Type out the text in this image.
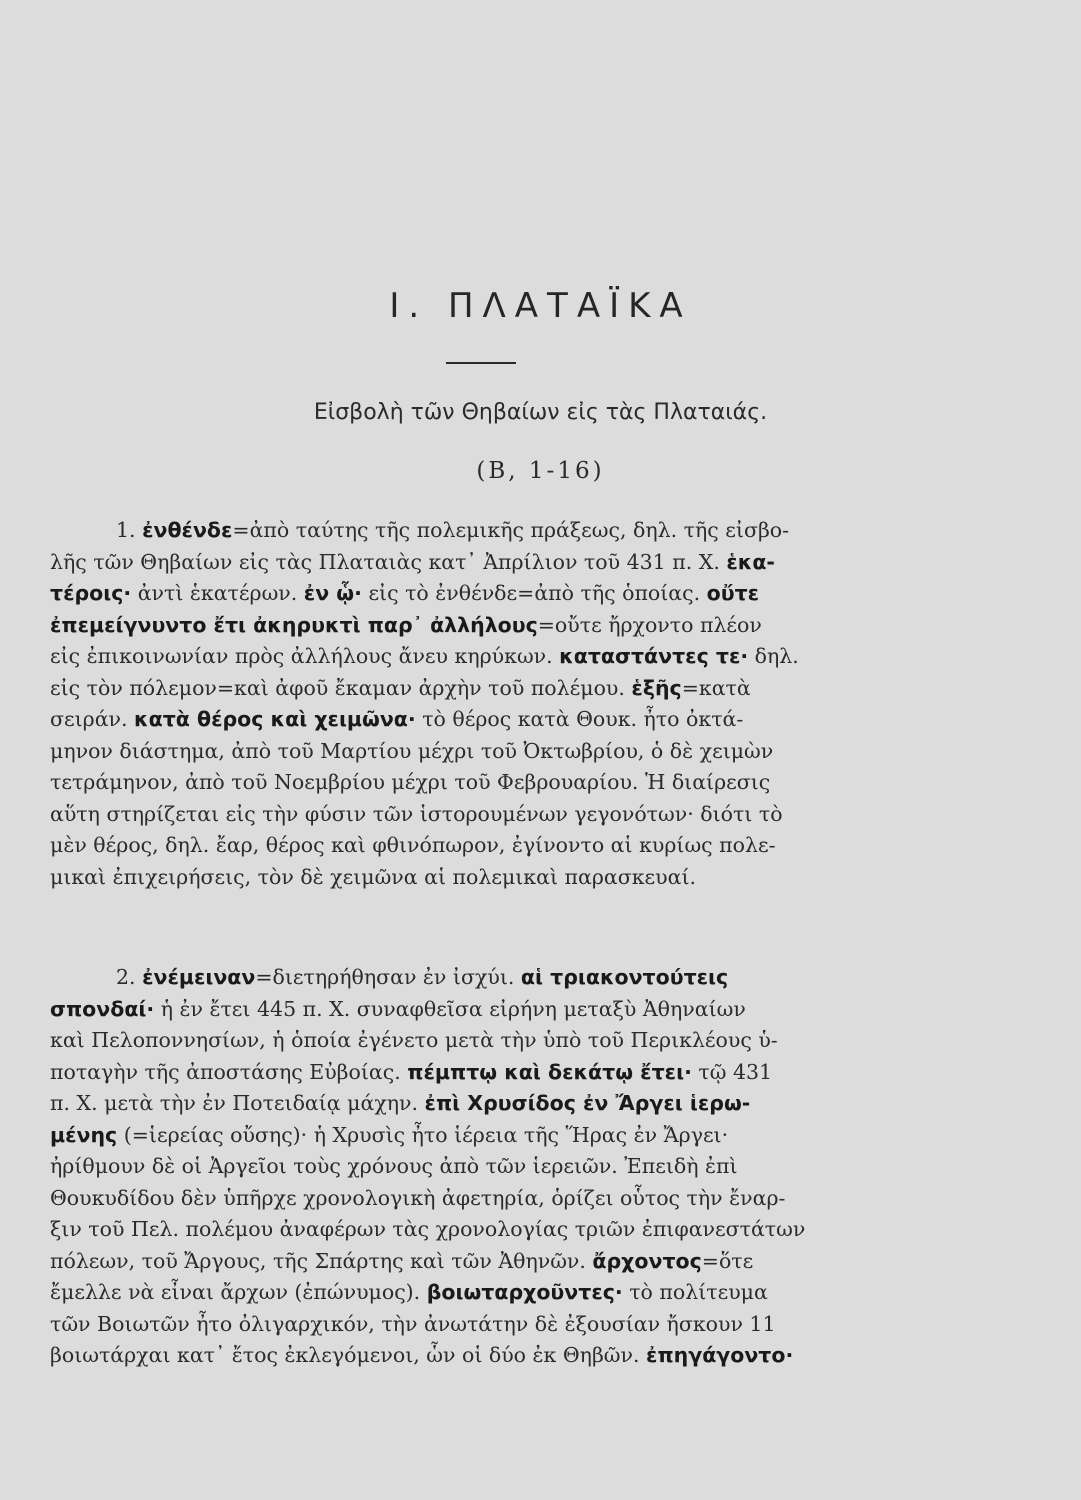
I. ΠΛΑΤΑΪΚΑ
Εἰσβολὴ τῶν Θηβαίων εἰς τὰς Πλαταιάς.
(Β, 1-16)
1. ἐνθένδε=ἀπὸ ταύτης τῆς πολεμικῆς πράξεως, δηλ. τῆς εἰσβο-
λῆς τῶν Θηβαίων εἰς τὰς Πλαταιὰς κατ᾽ Ἀπρίλιον τοῦ 431 π. Χ. ἑκα-
τέροις· ἀντὶ ἑκατέρων. ἐν ᾧ· εἰς τὸ ἐνθένδε=ἀπὸ τῆς ὁποίας. οὔτε
ἐπεμείγνυντο ἔτι ἀκηρυκτὶ παρ᾽ ἀλλήλους=οὔτε ἤρχοντο πλέον
εἰς ἐπικοινωνίαν πρὸς ἀλλήλους ἄνευ κηρύκων. καταστάντες τε· δηλ.
εἰς τὸν πόλεμον=καὶ ἀφοῦ ἔκαμαν ἀρχὴν τοῦ πολέμου. ἑξῆς=κατὰ
σειράν. κατὰ θέρος καὶ χειμῶνα· τὸ θέρος κατὰ Θουκ. ἦτο ὀκτά-
μηνον διάστημα, ἀπὸ τοῦ Μαρτίου μέχρι τοῦ Ὀκτωβρίου, ὁ δὲ χειμὼν
τετράμηνον, ἀπὸ τοῦ Νοεμβρίου μέχρι τοῦ Φεβρουαρίου. Ἡ διαίρεσις
αὕτη στηρίζεται εἰς τὴν φύσιν τῶν ἱστορουμένων γεγονότων· διότι τὸ
μὲν θέρος, δηλ. ἔαρ, θέρος καὶ φθινόπωρον, ἐγίνοντο αἱ κυρίως πολε-
μικαὶ ἐπιχειρήσεις, τὸν δὲ χειμῶνα αἱ πολεμικαὶ παρασκευαί.
2. ἐνέμειναν=διετηρήθησαν ἐν ἰσχύι. αἱ τριακοντούτεις
σπονδαί· ἡ ἐν ἔτει 445 π. Χ. συναφθεῖσα εἰρήνη μεταξὺ Ἀθηναίων
καὶ Πελοποννησίων, ἡ ὁποία ἐγένετο μετὰ τὴν ὑπὸ τοῦ Περικλέους ὑ-
ποταγὴν τῆς ἀποστάσης Εὐβοίας. πέμπτῳ καὶ δεκάτῳ ἔτει· τῷ 431
π. Χ. μετὰ τὴν ἐν Ποτειδαίᾳ μάχην. ἐπὶ Χρυσίδος ἐν Ἄργει ἱερω-
μένης (=ἱερείας οὔσης)· ἡ Χρυσὶς ἦτο ἱέρεια τῆς Ἥρας ἐν Ἄργει·
ἠρίθμουν δὲ οἱ Ἀργεῖοι τοὺς χρόνους ἀπὸ τῶν ἱερειῶν. Ἐπειδὴ ἐπὶ
Θουκυδίδου δὲν ὑπῆρχε χρονολογικὴ ἀφετηρία, ὁρίζει οὗτος τὴν ἔναρ-
ξιν τοῦ Πελ. πολέμου ἀναφέρων τὰς χρονολογίας τριῶν ἐπιφανεστάτων
πόλεων, τοῦ Ἄργους, τῆς Σπάρτης καὶ τῶν Ἀθηνῶν. ἄρχοντος=ὅτε
ἔμελλε νὰ εἶναι ἄρχων (ἐπώνυμος). βοιωταρχοῦντες· τὸ πολίτευμα
τῶν Βοιωτῶν ἦτο ὀλιγαρχικόν, τὴν ἀνωτάτην δὲ ἐξουσίαν ἤσκουν 11
βοιωτάρχαι κατ᾽ ἔτος ἐκλεγόμενοι, ὧν οἱ δύο ἐκ Θηβῶν. ἐπηγάγοντο·
